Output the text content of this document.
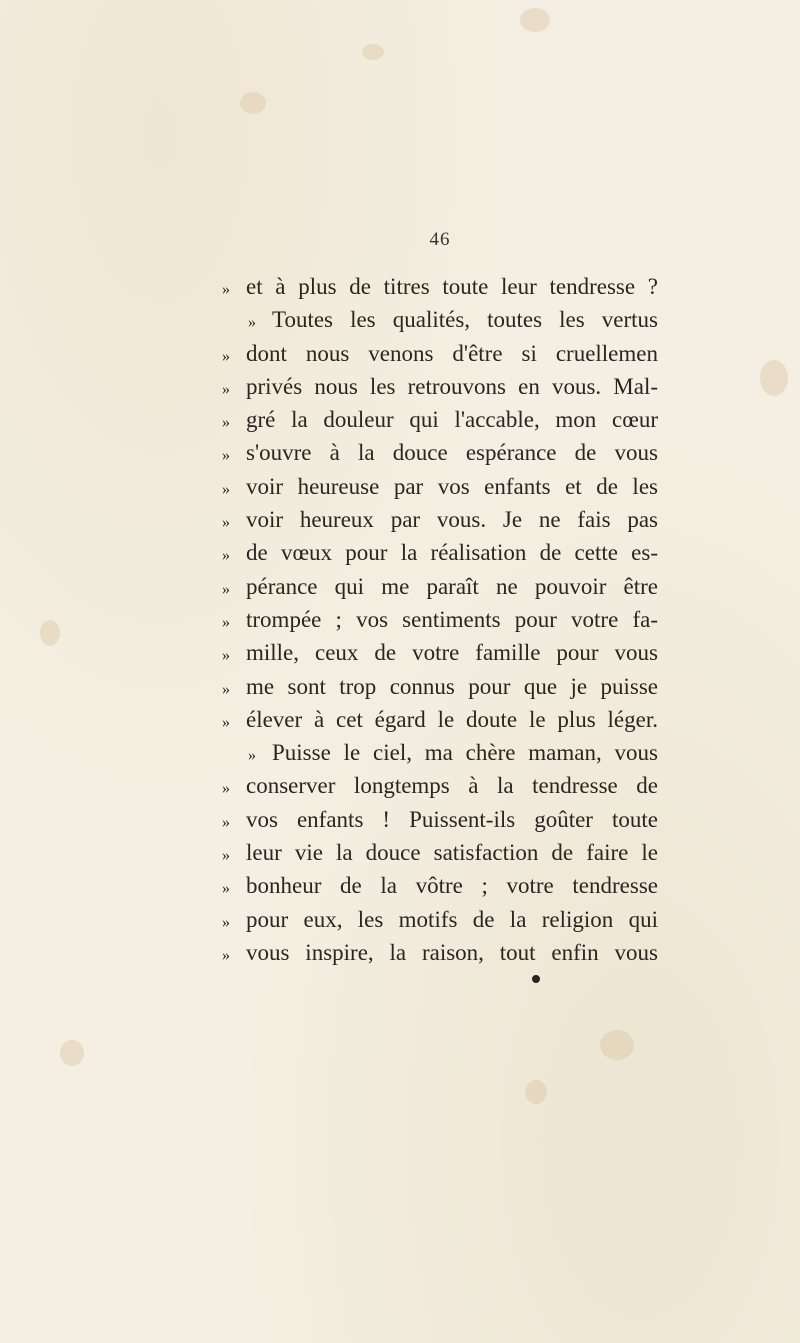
46
» et à plus de titres toute leur tendresse ?
» Toutes les qualités, toutes les vertus
» dont nous venons d'être si cruellemen
» privés nous les retrouvons en vous. Mal-
» gré la douleur qui l'accable, mon cœur
» s'ouvre à la douce espérance de vous
» voir heureuse par vos enfants et de les
» voir heureux par vous. Je ne fais pas
» de vœux pour la réalisation de cette es-
» pérance qui me paraît ne pouvoir être
» trompée ; vos sentiments pour votre fa-
» mille, ceux de votre famille pour vous
» me sont trop connus pour que je puisse
» élever à cet égard le doute le plus léger.
» Puisse le ciel, ma chère maman, vous
» conserver longtemps à la tendresse de
» vos enfants ! Puissent-ils goûter toute
» leur vie la douce satisfaction de faire le
» bonheur de la vôtre ; votre tendresse
» pour eux, les motifs de la religion qui
» vous inspire, la raison, tout enfin vous
